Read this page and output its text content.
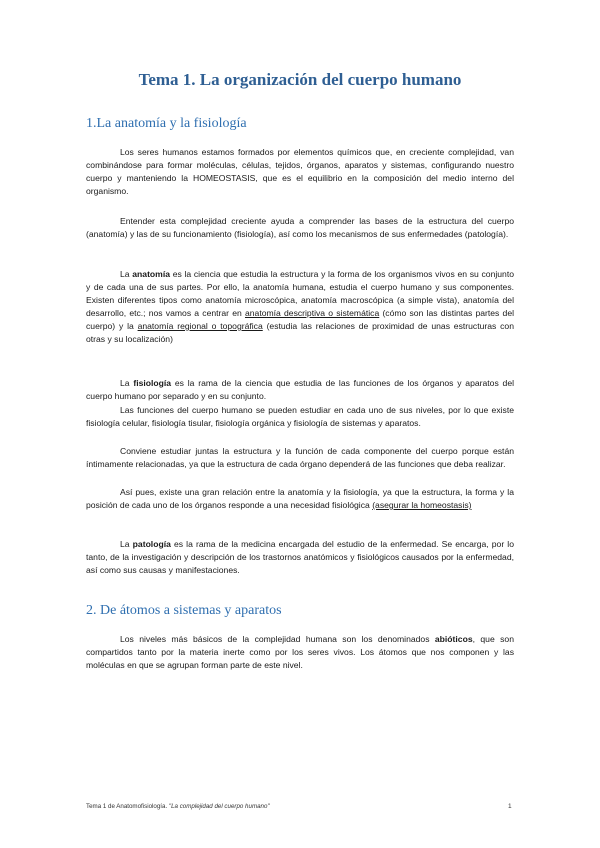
Tema 1. La organización del cuerpo humano
1.La anatomía y la fisiología

Los seres humanos estamos formados por elementos químicos que, en creciente complejidad, van combinándose para formar moléculas, células, tejidos, órganos, aparatos y sistemas, configurando nuestro cuerpo y manteniendo la HOMEOSTASIS, que es el equilibrio en la composición del medio interno del organismo.

Entender esta complejidad creciente ayuda a comprender las bases de la estructura del cuerpo (anatomía) y las de su funcionamiento (fisiología), así como los mecanismos de sus enfermedades (patología).

La anatomía es la ciencia que estudia la estructura y la forma de los organismos vivos en su conjunto y de cada una de sus partes. Por ello, la anatomía humana, estudia el cuerpo humano y sus componentes. Existen diferentes tipos como anatomía microscópica, anatomía macroscópica (a simple vista), anatomía del desarrollo, etc.; nos vamos a centrar en anatomía descriptiva o sistemática (cómo son las distintas partes del cuerpo) y la anatomía regional o topográfica (estudia las relaciones de proximidad de unas estructuras con otras y su localización)

La fisiología es la rama de la ciencia que estudia de las funciones de los órganos y aparatos del cuerpo humano por separado y en su conjunto.

Las funciones del cuerpo humano se pueden estudiar en cada uno de sus niveles, por lo que existe fisiología celular, fisiología tisular, fisiología orgánica y fisiología de sistemas y aparatos.

Conviene estudiar juntas la estructura y la función de cada componente del cuerpo porque están íntimamente relacionadas, ya que la estructura de cada órgano dependerá de las funciones que deba realizar.

Así pues, existe una gran relación entre la anatomía y la fisiología, ya que la estructura, la forma y la posición de cada uno de los órganos responde a una necesidad fisiológica (asegurar la homeostasis)

La patología es la rama de la medicina encargada del estudio de la enfermedad. Se encarga, por lo tanto, de la investigación y descripción de los trastornos anatómicos y fisiológicos causados por la enfermedad, así como sus causas y manifestaciones.

2. De átomos a sistemas y aparatos

Los niveles más básicos de la complejidad humana son los denominados abióticos, que son compartidos tanto por la materia inerte como por los seres vivos. Los átomos que nos componen y las moléculas en que se agrupan forman parte de este nivel.

Tema 1 de Anatomofisiología. "La complejidad del cuerpo humano"	1
